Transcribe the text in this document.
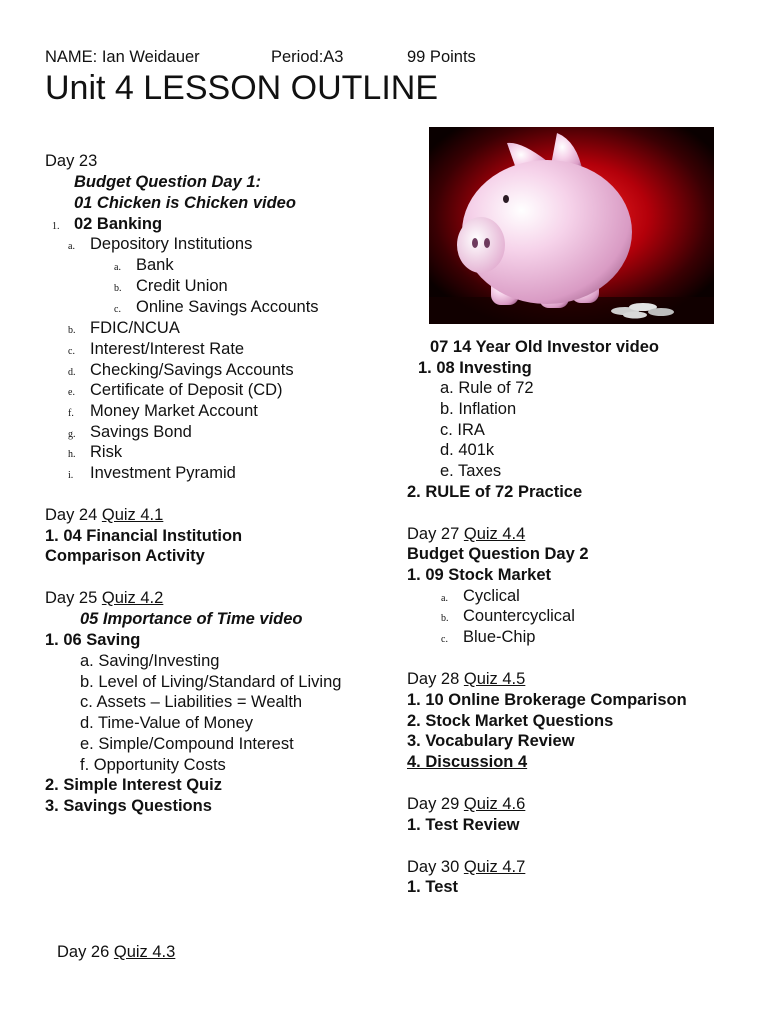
NAME: Ian Weidauer	Period:A3	99 Points
Unit 4 LESSON OUTLINE
Day 23
Budget Question Day 1:
01 Chicken is Chicken video
1. 02 Banking
a. Depository Institutions
a. Bank
b. Credit Union
c. Online Savings Accounts
b. FDIC/NCUA
c. Interest/Interest Rate
d. Checking/Savings Accounts
e. Certificate of Deposit (CD)
f. Money Market Account
g. Savings Bond
h. Risk
i. Investment Pyramid
Day 24 Quiz 4.1
1. 04 Financial Institution
Comparison Activity
Day 25 Quiz 4.2
05 Importance of Time video
1. 06 Saving
a. Saving/Investing
b. Level of Living/Standard of Living
c. Assets – Liabilities = Wealth
d. Time-Value of Money
e. Simple/Compound Interest
f. Opportunity Costs
2. Simple Interest Quiz
3. Savings Questions
Day 26 Quiz 4.3
07 14 Year Old Investor video
1. 08 Investing
a. Rule of 72
b. Inflation
c. IRA
d. 401k
e. Taxes
2. RULE of 72 Practice
Day 27 Quiz 4.4
Budget Question Day 2
1. 09 Stock Market
a. Cyclical
b. Countercyclical
c. Blue-Chip
Day 28 Quiz 4.5
1. 10 Online Brokerage Comparison
2. Stock Market Questions
3. Vocabulary Review
4. Discussion 4
Day 29 Quiz 4.6
1. Test Review
Day 30 Quiz 4.7
1. Test
